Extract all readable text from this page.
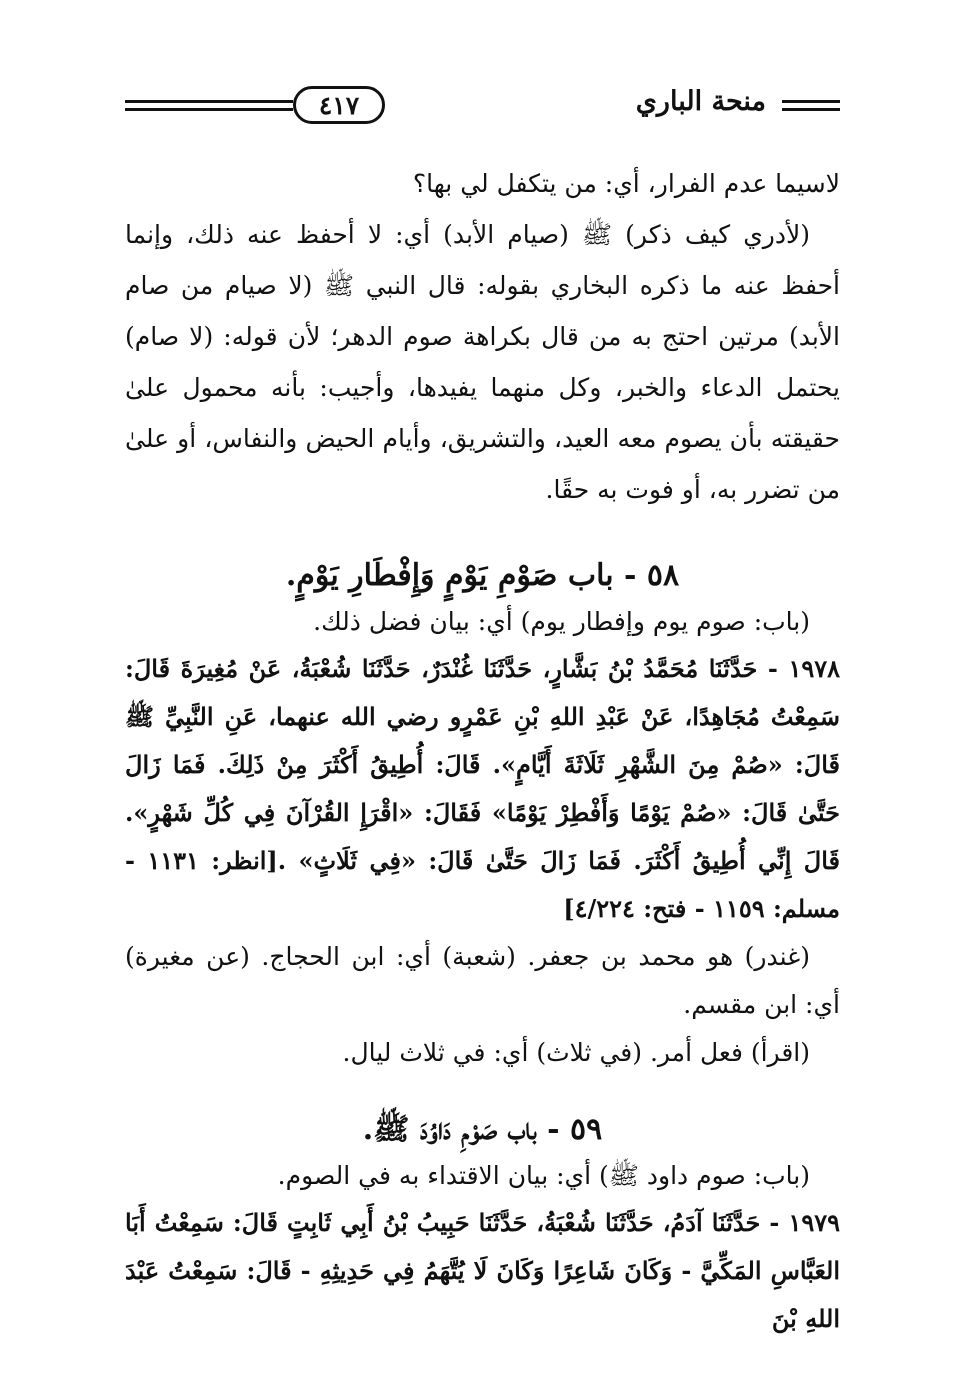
٤١٧	منحة الباري

لاسيما عدم الفرار، أي: من يتكفل لي بها؟

(لأدري كيف ذكر) ﷺ (صيام الأبد) أي: لا أحفظ عنه ذلك، وإنما أحفظ عنه ما ذكره البخاري بقوله: قال النبي ﷺ (لا صيام من صام الأبد) مرتين احتج به من قال بكراهة صوم الدهر؛ لأن قوله: (لا صام) يحتمل الدعاء والخبر، وكل منهما يفيدها، وأجيب: بأنه محمول علىٰ حقيقته بأن يصوم معه العيد، والتشريق، وأيام الحيض والنفاس، أو علىٰ من تضرر به، أو فوت به حقًا.

٥٨ - باب صَوْمِ يَوْمٍ وَإِفْطَارِ يَوْمٍ.

(باب: صوم يوم وإفطار يوم) أي: بيان فضل ذلك.

١٩٧٨ - حَدَّثَنَا مُحَمَّدُ بْنُ بَشَّارٍ، حَدَّثَنَا غُنْدَرٌ، حَدَّثَنَا شُعْبَةُ، عَنْ مُغِيرَةَ قَالَ: سَمِعْتُ مُجَاهِدًا، عَنْ عَبْدِ اللهِ بْنِ عَمْرٍو رضي الله عنهما، عَنِ النَّبِيِّ ﷺ قَالَ: «صُمْ مِنَ الشَّهْرِ ثَلَاثَةَ أَيَّامٍ». قَالَ: أُطِيقُ أَكْثَرَ مِنْ ذَلِكَ. فَمَا زَالَ حَتَّىٰ قَالَ: «صُمْ يَوْمًا وَأَفْطِرْ يَوْمًا» فَقَالَ: «اقْرَإِ القُرْآنَ فِي كُلِّ شَهْرٍ». قَالَ إِنِّي أُطِيقُ أَكْثَرَ. فَمَا زَالَ حَتَّىٰ قَالَ: «فِي ثَلَاثٍ» .[انظر: ١١٣١ - مسلم: ١١٥٩ - فتح: ٤/٢٢٤]

(غندر) هو محمد بن جعفر. (شعبة) أي: ابن الحجاج. (عن مغيرة) أي: ابن مقسم.

(اقرأ) فعل أمر. (في ثلاث) أي: في ثلاث ليال.

٥٩ - باب صَوْمِ دَاوُدَ ﷺ.

(باب: صوم داود ﷺ) أي: بيان الاقتداء به في الصوم.

١٩٧٩ - حَدَّثَنَا آدَمُ، حَدَّثَنَا شُعْبَةُ، حَدَّثَنَا حَبِيبُ بْنُ أَبِي ثَابِتٍ قَالَ: سَمِعْتُ أَبَا العَبَّاسِ المَكِّيَّ - وَكَانَ شَاعِرًا وَكَانَ لَا يُتَّهَمُ فِي حَدِيثِهِ - قَالَ: سَمِعْتُ عَبْدَ اللهِ بْنَ
